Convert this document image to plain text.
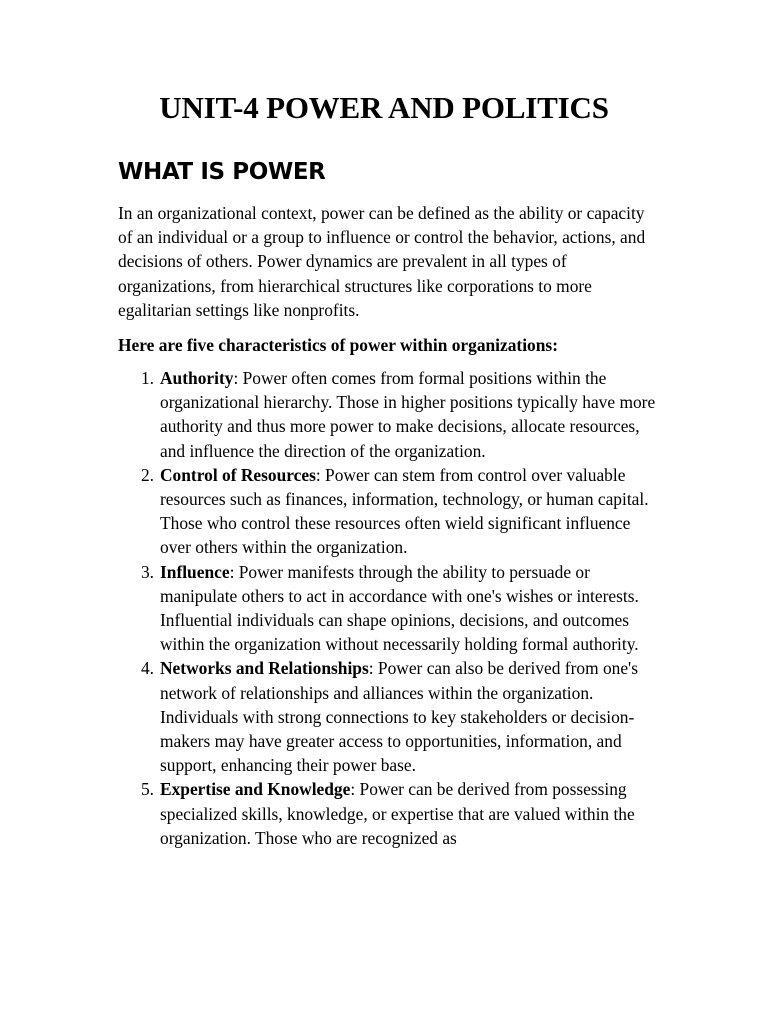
UNIT-4 POWER AND POLITICS
WHAT IS POWER

In an organizational context, power can be defined as the ability or capacity of an individual or a group to influence or control the behavior, actions, and decisions of others. Power dynamics are prevalent in all types of organizations, from hierarchical structures like corporations to more egalitarian settings like nonprofits.

Here are five characteristics of power within organizations:

1. Authority: Power often comes from formal positions within the organizational hierarchy. Those in higher positions typically have more authority and thus more power to make decisions, allocate resources, and influence the direction of the organization.
2. Control of Resources: Power can stem from control over valuable resources such as finances, information, technology, or human capital. Those who control these resources often wield significant influence over others within the organization.
3. Influence: Power manifests through the ability to persuade or manipulate others to act in accordance with one's wishes or interests. Influential individuals can shape opinions, decisions, and outcomes within the organization without necessarily holding formal authority.
4. Networks and Relationships: Power can also be derived from one's network of relationships and alliances within the organization. Individuals with strong connections to key stakeholders or decision-makers may have greater access to opportunities, information, and support, enhancing their power base.
5. Expertise and Knowledge: Power can be derived from possessing specialized skills, knowledge, or expertise that are valued within the organization. Those who are recognized as
